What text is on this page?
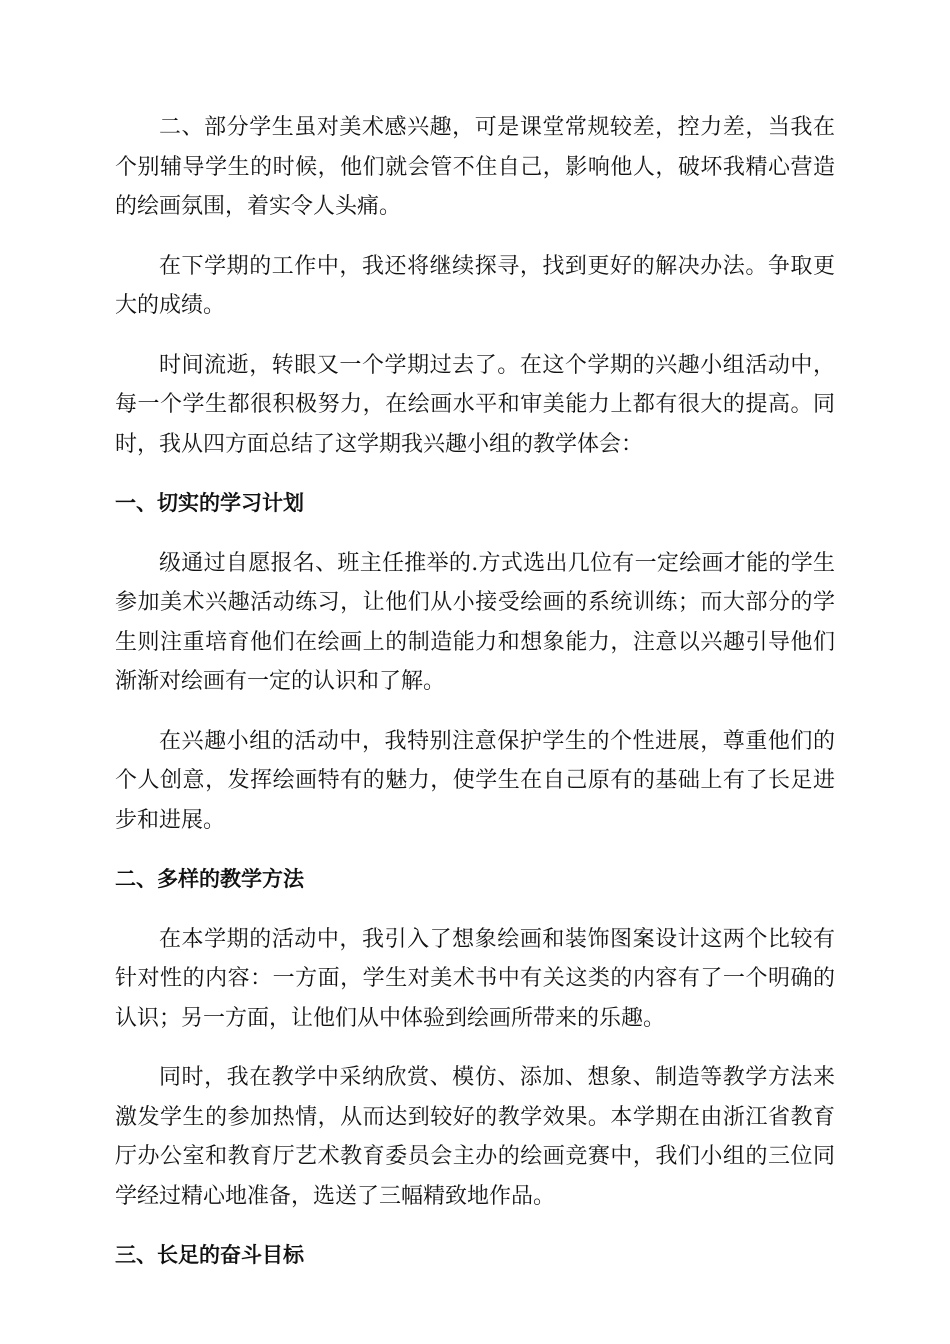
二、部分学生虽对美术感兴趣，可是课堂常规较差，控力差，当我在个别辅导学生的时候，他们就会管不住自己，影响他人，破坏我精心营造的绘画氛围，着实令人头痛。

在下学期的工作中，我还将继续探寻，找到更好的解决办法。争取更大的成绩。

时间流逝，转眼又一个学期过去了。在这个学期的兴趣小组活动中，每一个学生都很积极努力，在绘画水平和审美能力上都有很大的提高。同时，我从四方面总结了这学期我兴趣小组的教学体会：

一、切实的学习计划

级通过自愿报名、班主任推举的.方式选出几位有一定绘画才能的学生参加美术兴趣活动练习，让他们从小接受绘画的系统训练；而大部分的学生则注重培育他们在绘画上的制造能力和想象能力，注意以兴趣引导他们渐渐对绘画有一定的认识和了解。

在兴趣小组的活动中，我特别注意保护学生的个性进展，尊重他们的个人创意，发挥绘画特有的魅力，使学生在自己原有的基础上有了长足进步和进展。

二、多样的教学方法

在本学期的活动中，我引入了想象绘画和装饰图案设计这两个比较有针对性的内容：一方面，学生对美术书中有关这类的内容有了一个明确的认识；另一方面，让他们从中体验到绘画所带来的乐趣。

同时，我在教学中采纳欣赏、模仿、添加、想象、制造等教学方法来激发学生的参加热情，从而达到较好的教学效果。本学期在由浙江省教育厅办公室和教育厅艺术教育委员会主办的绘画竞赛中，我们小组的三位同学经过精心地准备，选送了三幅精致地作品。

三、长足的奋斗目标
